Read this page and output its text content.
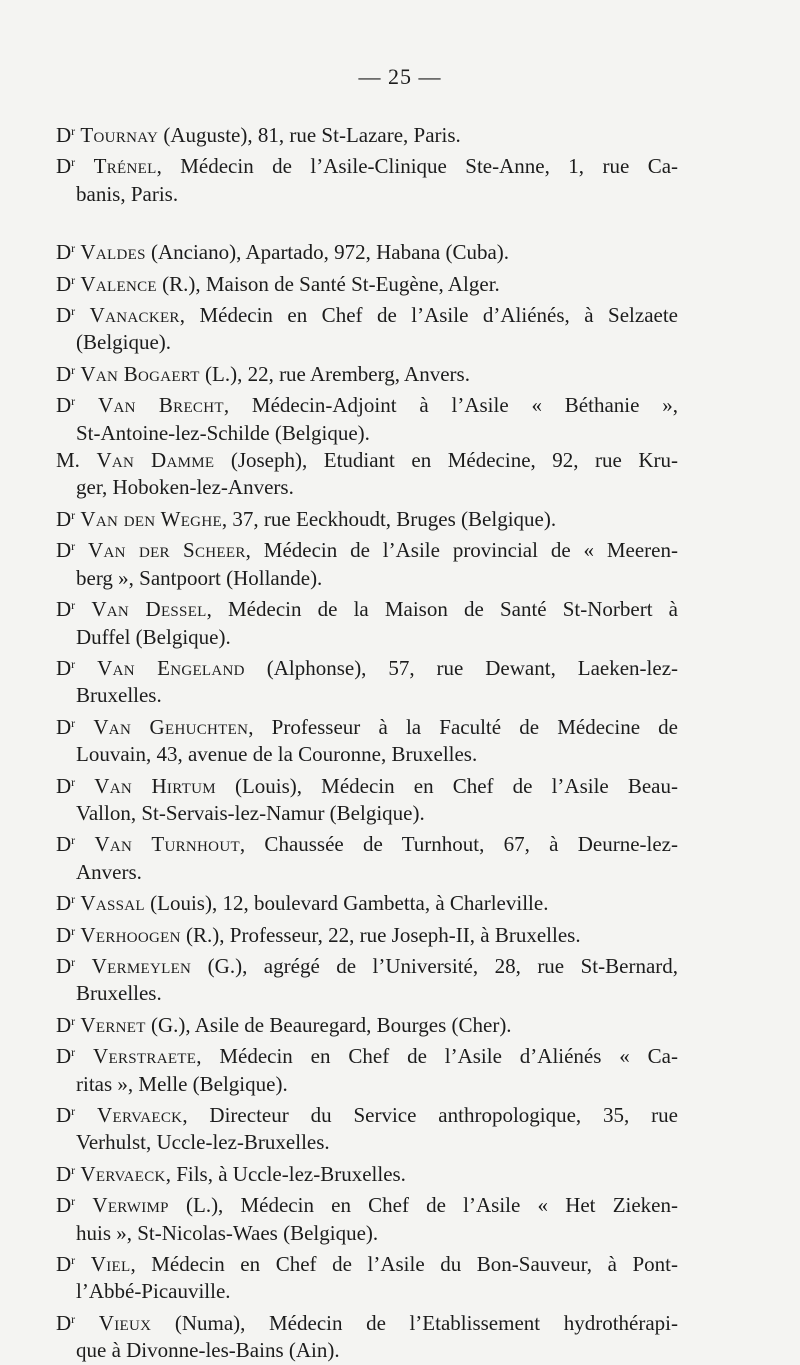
— 25 —
$D^r$ Tournay (Auguste), 81, rue St-Lazare, Paris.
$D^r$ Trénel, Médecin de l’Asile-Clinique Ste-Anne, 1, rue Ca-
banis, Paris.
$D^r$ Valdes (Anciano), Apartado, 972, Habana (Cuba).
$D^r$ Valence (R.), Maison de Santé St-Eugène, Alger.
$D^r$ Vanacker, Médecin en Chef de l’Asile d’Aliénés, à Selzaete
(Belgique).
$D^r$ Van Bogaert (L.), 22, rue Aremberg, Anvers.
$D^r$ Van Brecht, Médecin-Adjoint à l’Asile « Béthanie »,
St-Antoine-lez-Schilde (Belgique).
M. Van Damme (Joseph), Etudiant en Médecine, 92, rue Kru-
ger, Hoboken-lez-Anvers.
$D^r$ Van den Weghe, 37, rue Eeckhoudt, Bruges (Belgique).
$D^r$ Van der Scheer, Médecin de l’Asile provincial de « Meeren-
berg », Santpoort (Hollande).
$D^r$ Van Dessel, Médecin de la Maison de Santé St-Norbert à
Duffel (Belgique).
$D^r$ Van Engeland (Alphonse), 57, rue Dewant, Laeken-lez-
Bruxelles.
$D^r$ Van Gehuchten, Professeur à la Faculté de Médecine de
Louvain, 43, avenue de la Couronne, Bruxelles.
$D^r$ Van Hirtum (Louis), Médecin en Chef de l’Asile Beau-
Vallon, St-Servais-lez-Namur (Belgique).
$D^r$ Van Turnhout, Chaussée de Turnhout, 67, à Deurne-lez-
Anvers.
$D^r$ Vassal (Louis), 12, boulevard Gambetta, à Charleville.
$D^r$ Verhoogen (R.), Professeur, 22, rue Joseph-II, à Bruxelles.
$D^r$ Vermeylen (G.), agrégé de l’Université, 28, rue St-Bernard,
Bruxelles.
$D^r$ Vernet (G.), Asile de Beauregard, Bourges (Cher).
$D^r$ Verstraete, Médecin en Chef de l’Asile d’Aliénés « Ca-
ritas », Melle (Belgique).
$D^r$ Vervaeck, Directeur du Service anthropologique, 35, rue
Verhulst, Uccle-lez-Bruxelles.
$D^r$ Vervaeck, Fils, à Uccle-lez-Bruxelles.
$D^r$ Verwimp (L.), Médecin en Chef de l’Asile « Het Zieken-
huis », St-Nicolas-Waes (Belgique).
$D^r$ Viel, Médecin en Chef de l’Asile du Bon-Sauveur, à Pont-
l’Abbé-Picauville.
$D^r$ Vieux (Numa), Médecin de l’Etablissement hydrothérapi-
que à Divonne-les-Bains (Ain).
